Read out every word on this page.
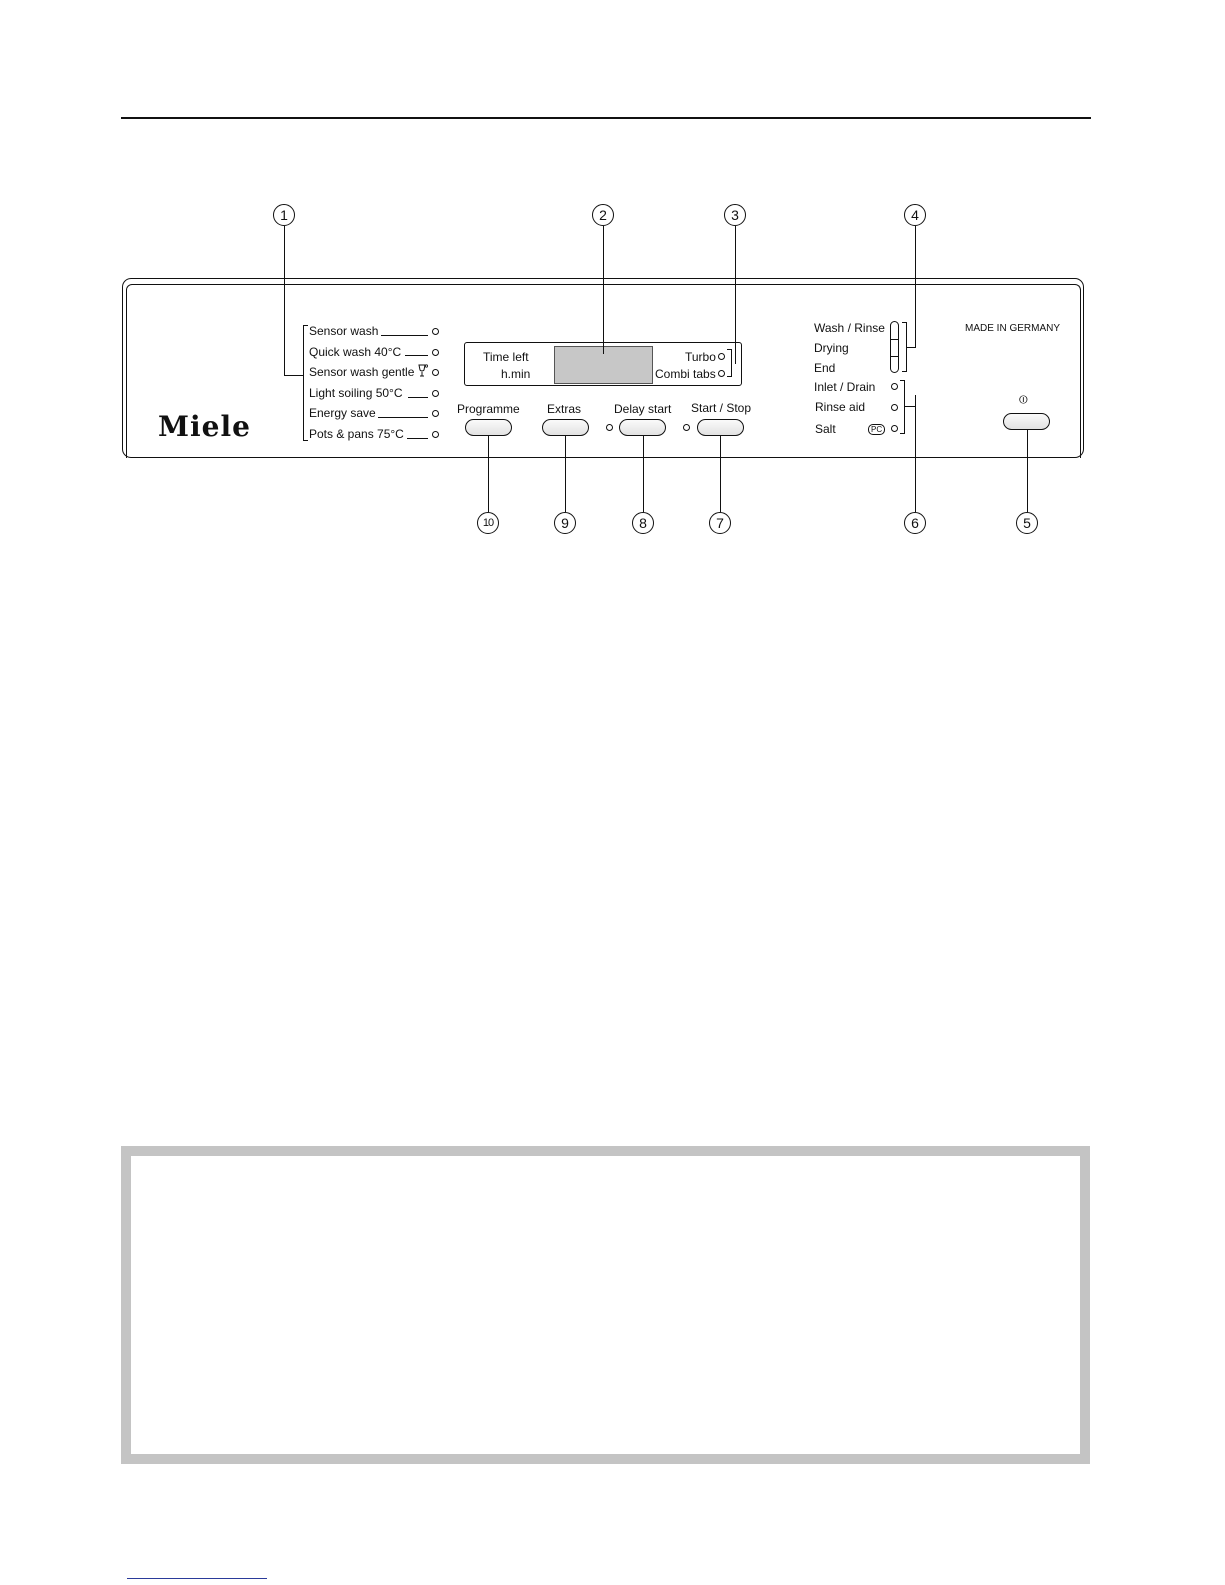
Miele
Sensor wash
Quick wash 40°C
Sensor wash gentle
Light soiling 50°C
Energy save
Pots & pans 75°C
Time left
h.min
Turbo
Combi tabs
Programme Extras	Delay start Start / Stop
Wash / Rinse
Drying
End
Inlet / Drain
Rinse aid
Salt	PC
MADE IN GERMANY
⏼
1	2	3	4
10	9	8	7	6	5
